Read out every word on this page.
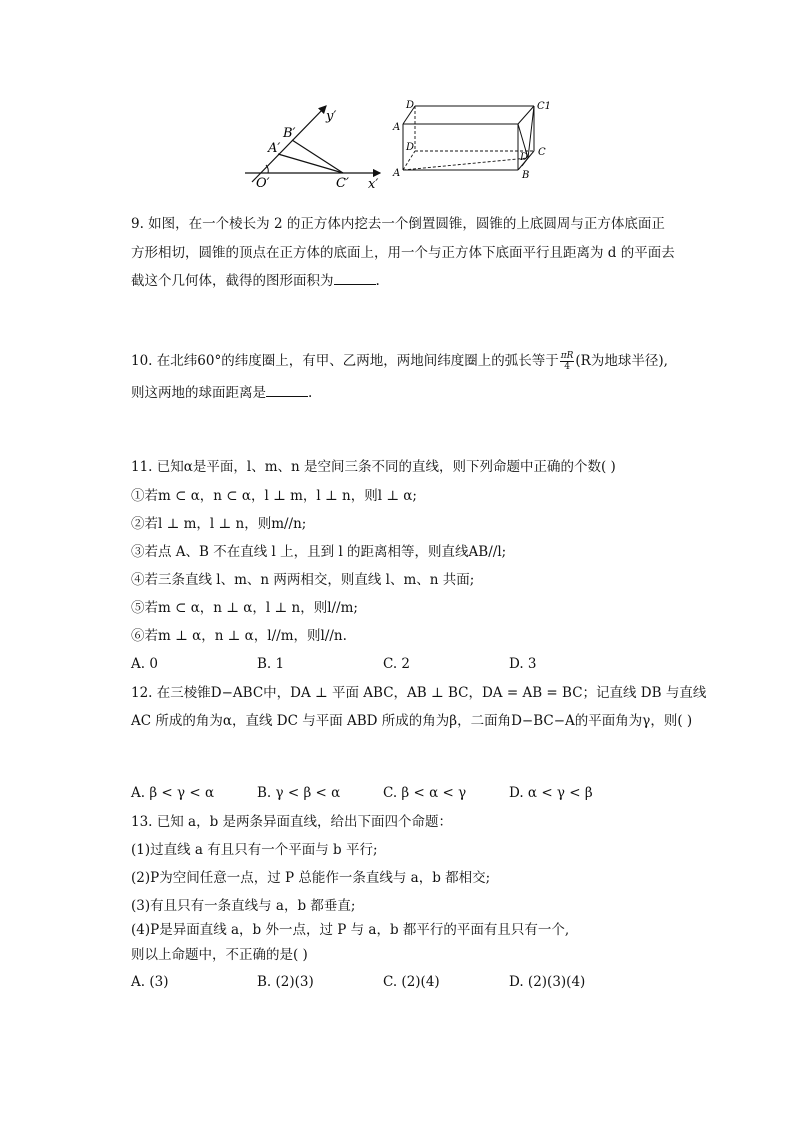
y′
x′
B′
A′
O′	C′
D	C1
A
D
D C
A	B
9. 如图，在一个棱长为 2 的正方体内挖去一个倒置圆锥，圆锥的上底圆周与正方体底面正
方形相切，圆锥的顶点在正方体的底面上，用一个与正方体下底面平行且距离为 d 的平面去
截这个几何体，截得的图形面积为	.
10. 在北纬60°的纬度圈上，有甲、乙两地，两地间纬度圈上的弧长等于 $\frac{\pi R}{4} (R$为地球半径),
则这两地的球面距离是	.
11. 已知α是平面，l、m、n 是空间三条不同的直线，则下列命题中正确的个数( )
①若m ⊂ α，n ⊂ α，l ⊥ m，l ⊥ n，则l ⊥ α;
②若l ⊥ m，l ⊥ n，则m//n;
③若点 A、B 不在直线 l 上，且到 l 的距离相等，则直线AB//l;
④若三条直线 l、m、n 两两相交，则直线 l、m、n 共面;
⑤若m ⊂ α，n ⊥ α，l ⊥ n，则l//m;
⑥若m ⊥ α，n ⊥ α，l//m，则l//n.
A. 0	B. 1	C. 2	D. 3
12. 在三棱锥D−ABC中，DA ⊥ 平面 ABC，AB ⊥ BC，DA = AB = BC；记直线 DB 与直线
AC 所成的角为α，直线 DC 与平面 ABD 所成的角为β，二面角D−BC−A的平面角为γ，则( )
A. β < γ < α	B. γ < β < α	C. β < α < γ	D. α < γ < β
13. 已知 a，b 是两条异面直线，给出下面四个命题：
(1)过直线 a 有且只有一个平面与 b 平行;
(2)P为空间任意一点，过 P 总能作一条直线与 a，b 都相交;
(3)有且只有一条直线与 a，b 都垂直;
(4)P是异面直线 a，b 外一点，过 P 与 a，b 都平行的平面有且只有一个,
则以上命题中，不正确的是( )
A. (3)	B. (2)(3)	C. (2)(4)	D. (2)(3)(4)
